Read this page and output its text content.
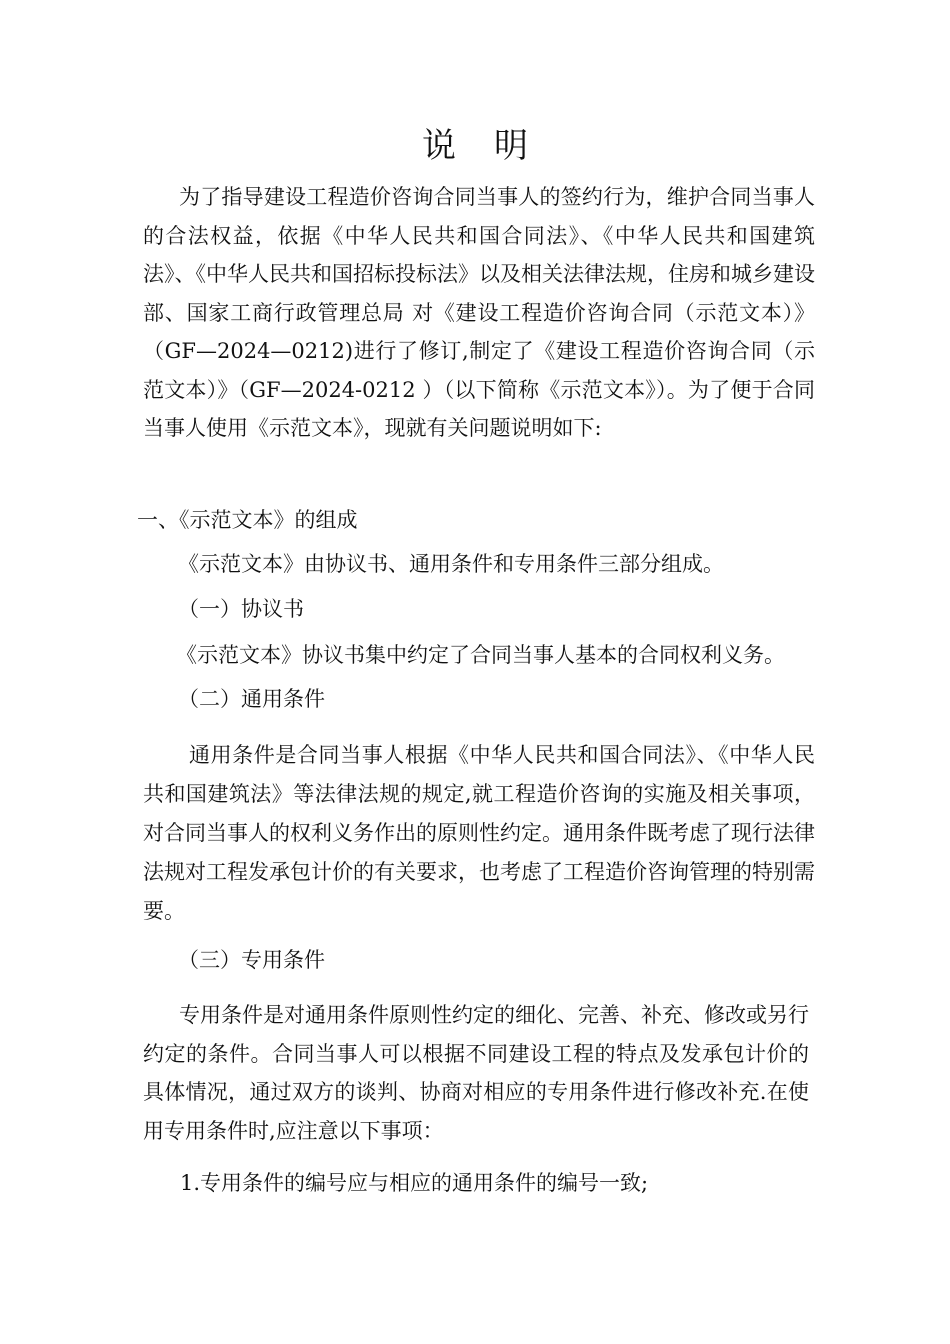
说明

为了指导建设工程造价咨询合同当事人的签约行为，维护合同当事人的合法权益，依据《中华人民共和国合同法》、《中华人民共和国建筑法》、《中华人民共和国招标投标法》以及相关法律法规，住房和城乡建设部、国家工商行政管理总局 对《建设工程造价咨询合同（示范文本）》（GF—2024—0212)进行了修订,制定了《建设工程造价咨询合同（示范文本）》（GF—2024-0212 ）（以下简称《示范文本》）。为了便于合同当事人使用《示范文本》，现就有关问题说明如下:

一、《示范文本》的组成
《示范文本》由协议书、通用条件和专用条件三部分组成。
（一）协议书
《示范文本》协议书集中约定了合同当事人基本的合同权利义务。
（二）通用条件

通用条件是合同当事人根据《中华人民共和国合同法》、《中华人民共和国建筑法》等法律法规的规定,就工程造价咨询的实施及相关事项，对合同当事人的权利义务作出的原则性约定。通用条件既考虑了现行法律法规对工程发承包计价的有关要求，也考虑了工程造价咨询管理的特别需要。

（三）专用条件

专用条件是对通用条件原则性约定的细化、完善、补充、修改或另行约定的条件。合同当事人可以根据不同建设工程的特点及发承包计价的具体情况，通过双方的谈判、协商对相应的专用条件进行修改补充.在使用专用条件时,应注意以下事项：

1.专用条件的编号应与相应的通用条件的编号一致;
